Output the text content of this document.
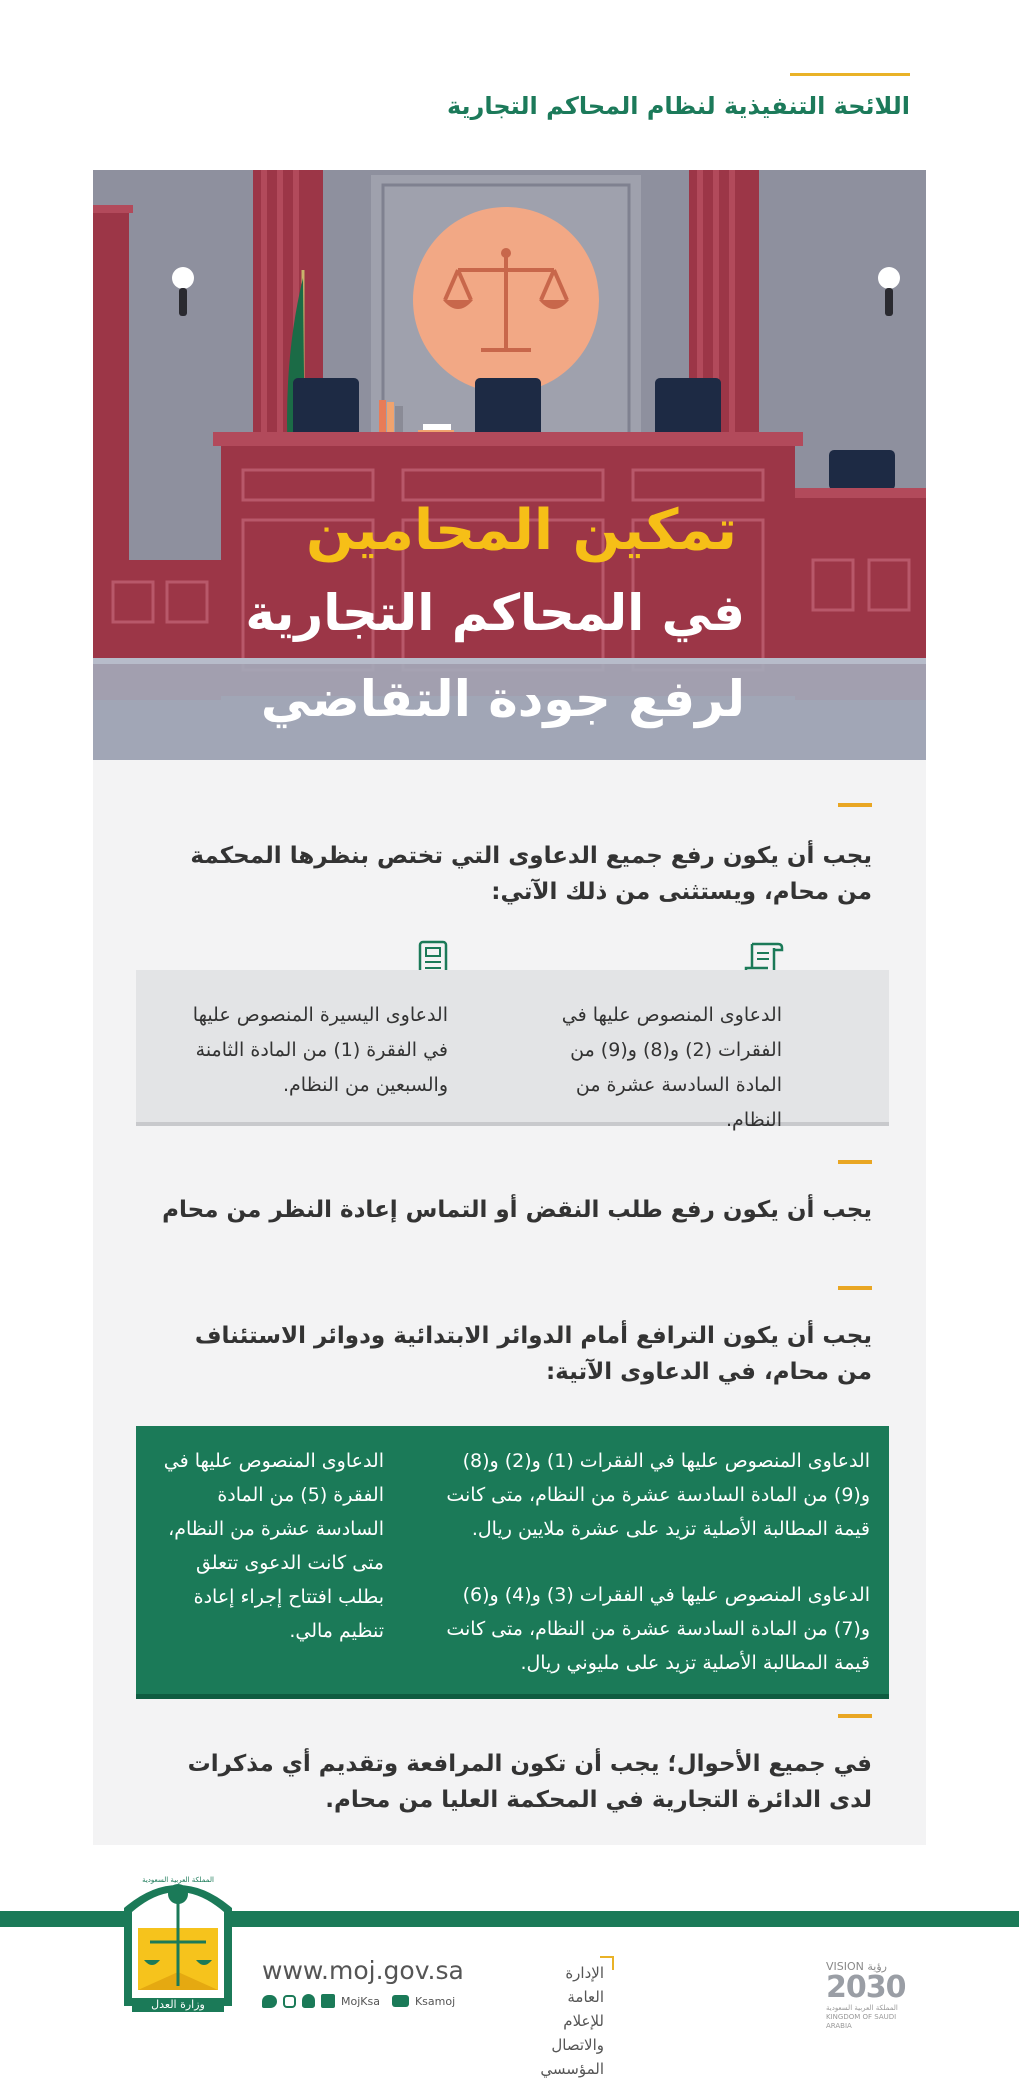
اللائحة التنفيذية لنظام المحاكم التجارية
تمكين المحامين
في المحاكم التجارية
لرفع جودة التقاضي
يجب أن يكون رفع جميع الدعاوى التي تختص بنظرها المحكمة من محام، ويستثنى من ذلك الآتي:
الدعاوى المنصوص عليها في الفقرات (2) و(8) و(9) من المادة السادسة عشرة من النظام.
الدعاوى اليسيرة المنصوص عليها في الفقرة (1) من المادة الثامنة والسبعين من النظام.
يجب أن يكون رفع طلب النقض أو التماس إعادة النظر من محام
يجب أن يكون الترافع أمام الدوائر الابتدائية ودوائر الاستئناف من محام، في الدعاوى الآتية:
الدعاوى المنصوص عليها في الفقرات (1) و(2) و(8) و(9) من المادة السادسة عشرة من النظام، متى كانت قيمة المطالبة الأصلية تزيد على عشرة ملايين ريال.
الدعاوى المنصوص عليها في الفقرات (3) و(4) و(6) و(7) من المادة السادسة عشرة من النظام، متى كانت قيمة المطالبة الأصلية تزيد على مليوني ريال.
الدعاوى المنصوص عليها في الفقرة (5) من المادة السادسة عشرة من النظام، متى كانت الدعوى تتعلق بطلب افتتاح إجراء إعادة تنظيم مالي.
في جميع الأحوال؛ يجب أن تكون المرافعة وتقديم أي مذكرات لدى الدائرة التجارية في المحكمة العليا من محام.
المملكة العربية السعودية
وزارة العدل
www.moj.gov.sa
MojKsa	Ksamoj
الإدارة العامة للإعلام والاتصال المؤسسي
VISION رؤية
2030
المملكة العربية السعودية KINGDOM OF SAUDI ARABIA
